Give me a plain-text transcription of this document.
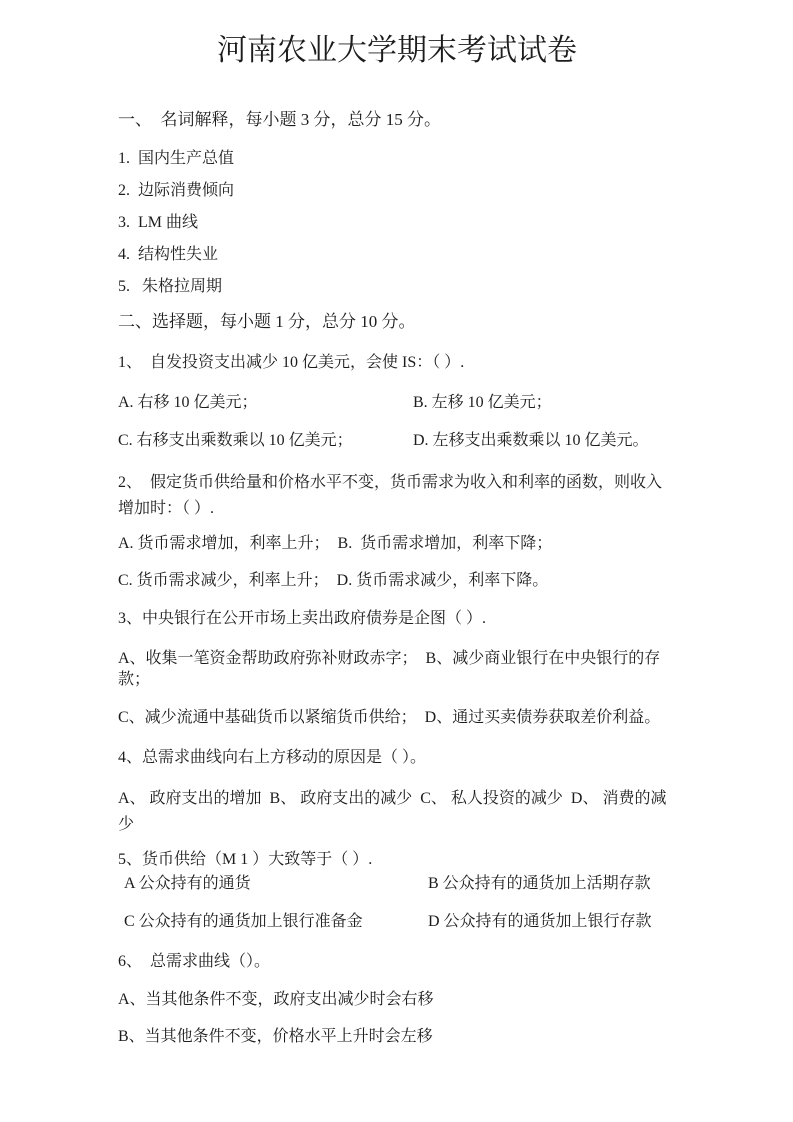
河南农业大学期末考试试卷
一、  名词解释，每小题 3 分，总分 15 分。
1.  国内生产总值
2.  边际消费倾向
3.  LM 曲线
4.  结构性失业
5.   朱格拉周期
二、选择题，每小题 1 分，总分 10 分。
1、  自发投资支出减少 10 亿美元，会使 IS：（ ）.
A. 右移 10 亿美元；	B. 左移 10 亿美元；
C. 右移支出乘数乘以 10 亿美元；	D. 左移支出乘数乘以 10 亿美元。
2、  假定货币供给量和价格水平不变，货币需求为收入和利率的函数，则收入增加时：（ ）.
A. 货币需求增加，利率上升；  B.  货币需求增加，利率下降；
C. 货币需求减少，利率上升；  D. 货币需求减少，利率下降。
3、中央银行在公开市场上卖出政府债券是企图（ ）.
A、收集一笔资金帮助政府弥补财政赤字；  B、减少商业银行在中央银行的存款；
C、减少流通中基础货币以紧缩货币供给；  D、通过买卖债券获取差价利益。
4、总需求曲线向右上方移动的原因是（ ）。
A、 政府支出的增加  B、 政府支出的减少  C、 私人投资的减少  D、 消费的减少
5、货币供给（M 1 ）大致等于（ ）.
A 公众持有的通货	B 公众持有的通货加上活期存款
C 公众持有的通货加上银行准备金	D 公众持有的通货加上银行存款
6、  总需求曲线（）。
A、当其他条件不变，政府支出减少时会右移
B、当其他条件不变，价格水平上升时会左移
